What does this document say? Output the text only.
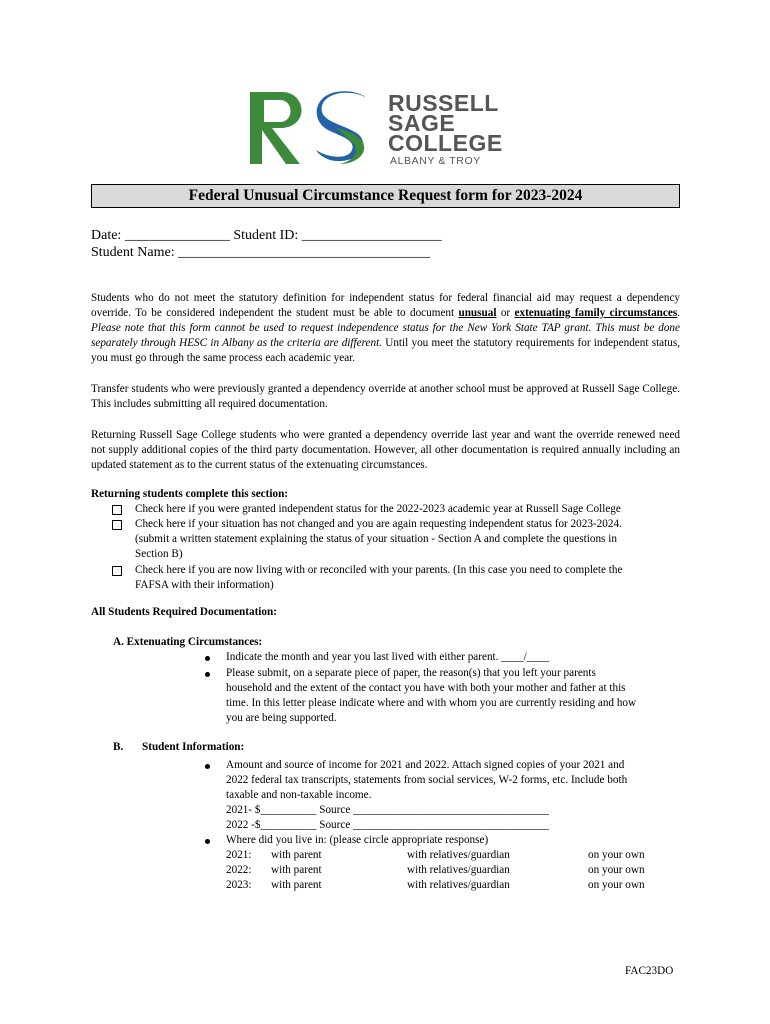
RUSSELL
SAGE
COLLEGE
ALBANY & TROY
Federal Unusual Circumstance Request form for 2023-2024
Date: _______________ Student ID: ____________________
Student Name: ____________________________________
Students who do not meet the statutory definition for independent status for federal financial aid may request a dependency override. To be considered independent the student must be able to document unusual or extenuating family circumstances. Please note that this form cannot be used to request independence status for the New York State TAP grant. This must be done separately through HESC in Albany as the criteria are different. Until you meet the statutory requirements for independent status, you must go through the same process each academic year.
Transfer students who were previously granted a dependency override at another school must be approved at Russell Sage College. This includes submitting all required documentation.
Returning Russell Sage College students who were granted a dependency override last year and want the override renewed need not supply additional copies of the third party documentation. However, all other documentation is required annually including an updated statement as to the current status of the extenuating circumstances.
Returning students complete this section:
Check here if you were granted independent status for the 2022-2023 academic year at Russell Sage College
Check here if your situation has not changed and you are again requesting independent status for 2023-2024.
(submit a written statement explaining the status of your situation - Section A and complete the questions in
Section B)
Check here if you are now living with or reconciled with your parents. (In this case you need to complete the
FAFSA with their information)
All Students Required Documentation:
A. Extenuating Circumstances:
Indicate the month and year you last lived with either parent. ____/____
Please submit, on a separate piece of paper, the reason(s) that you left your parents
household and the extent of the contact you have with both your mother and father at this
time. In this letter please indicate where and with whom you are currently residing and how
you are being supported.
B. Student Information:
Amount and source of income for 2021 and 2022. Attach signed copies of your 2021 and
2022 federal tax transcripts, statements from social services, W-2 forms, etc. Include both
taxable and non-taxable income.
2021- $__________ Source ___________________________________
2022 -$__________ Source ___________________________________
Where did you live in: (please circle appropriate response)
2021: with parent	with relatives/guardian	on your own
2022: with parent	with relatives/guardian	on your own
2023: with parent	with relatives/guardian	on your own
FAC23DO
